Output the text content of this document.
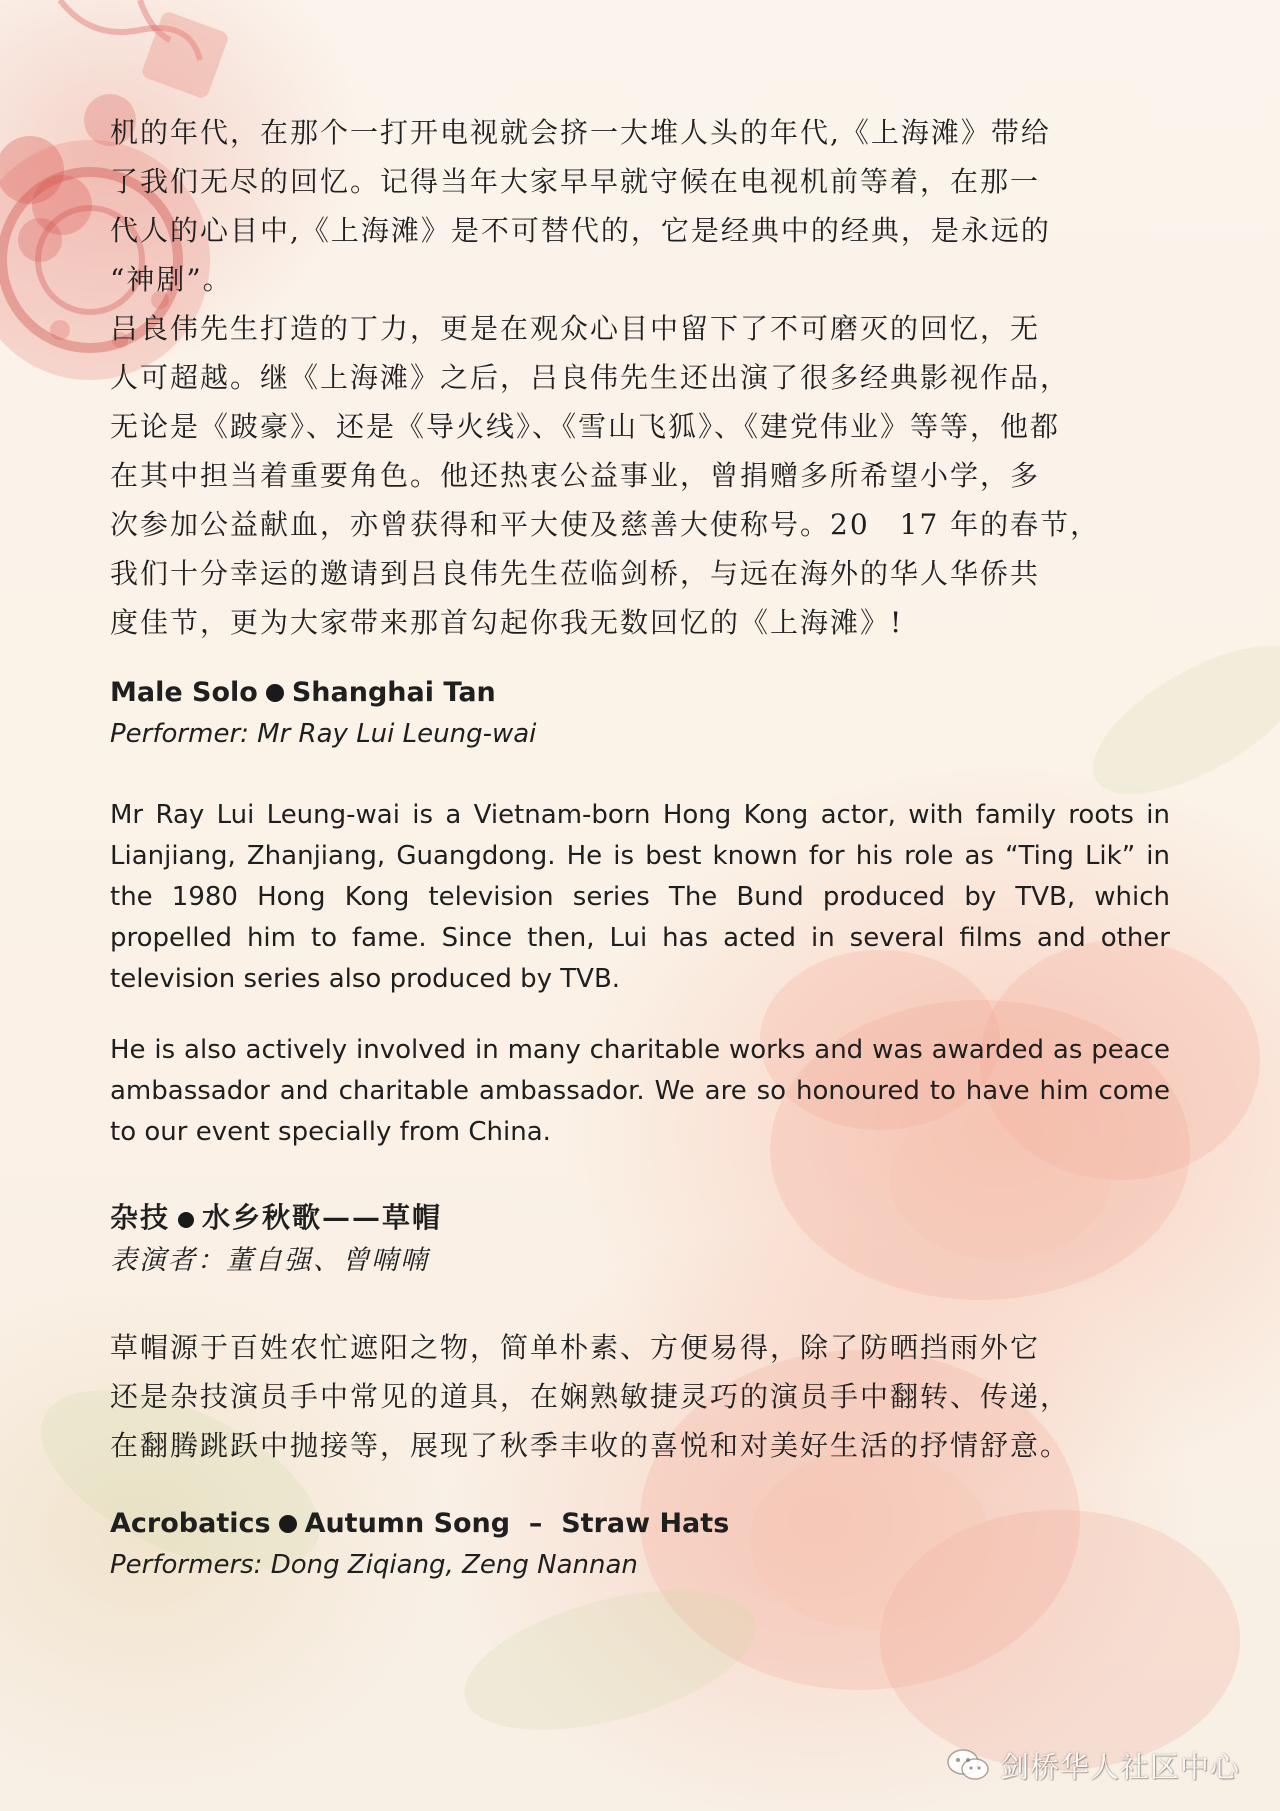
机的年代，在那个一打开电视就会挤一大堆人头的年代,《上海滩》带给
了我们无尽的回忆。记得当年大家早早就守候在电视机前等着，在那一
代人的心目中,《上海滩》是不可替代的，它是经典中的经典，是永远的
“神剧”。
吕良伟先生打造的丁力，更是在观众心目中留下了不可磨灭的回忆，无
人可超越。继《上海滩》之后，吕良伟先生还出演了很多经典影视作品，
无论是《跛豪》、还是《导火线》、《雪山飞狐》、《建党伟业》等等，他都
在其中担当着重要角色。他还热衷公益事业，曾捐赠多所希望小学，多
次参加公益献血，亦曾获得和平大使及慈善大使称号。20　17 年的春节，
我们十分幸运的邀请到吕良伟先生莅临剑桥，与远在海外的华人华侨共
度佳节，更为大家带来那首勾起你我无数回忆的《上海滩》!

Male Solo Shanghai Tan

Performer: Mr Ray Lui Leung-wai

Mr Ray Lui Leung-wai is a Vietnam-born Hong Kong actor, with family roots in Lianjiang, Zhanjiang, Guangdong. He is best known for his role as “Ting Lik” in the 1980 Hong Kong television series The Bund produced by TVB, which propelled him to fame. Since then, Lui has acted in several films and other television series also produced by TVB.

He is also actively involved in many charitable works and was awarded as peace ambassador and charitable ambassador. We are so honoured to have him come to our event specially from China.

杂技 水乡秋歌——草帽

表演者：董自强、曾喃喃

草帽源于百姓农忙遮阳之物，简单朴素、方便易得，除了防晒挡雨外它
还是杂技演员手中常见的道具，在娴熟敏捷灵巧的演员手中翻转、传递，
在翻腾跳跃中抛接等，展现了秋季丰收的喜悦和对美好生活的抒情舒意。

Acrobatics Autumn Song – Straw Hats

Performers: Dong Ziqiang, Zeng Nannan

剑桥华人社区中心
